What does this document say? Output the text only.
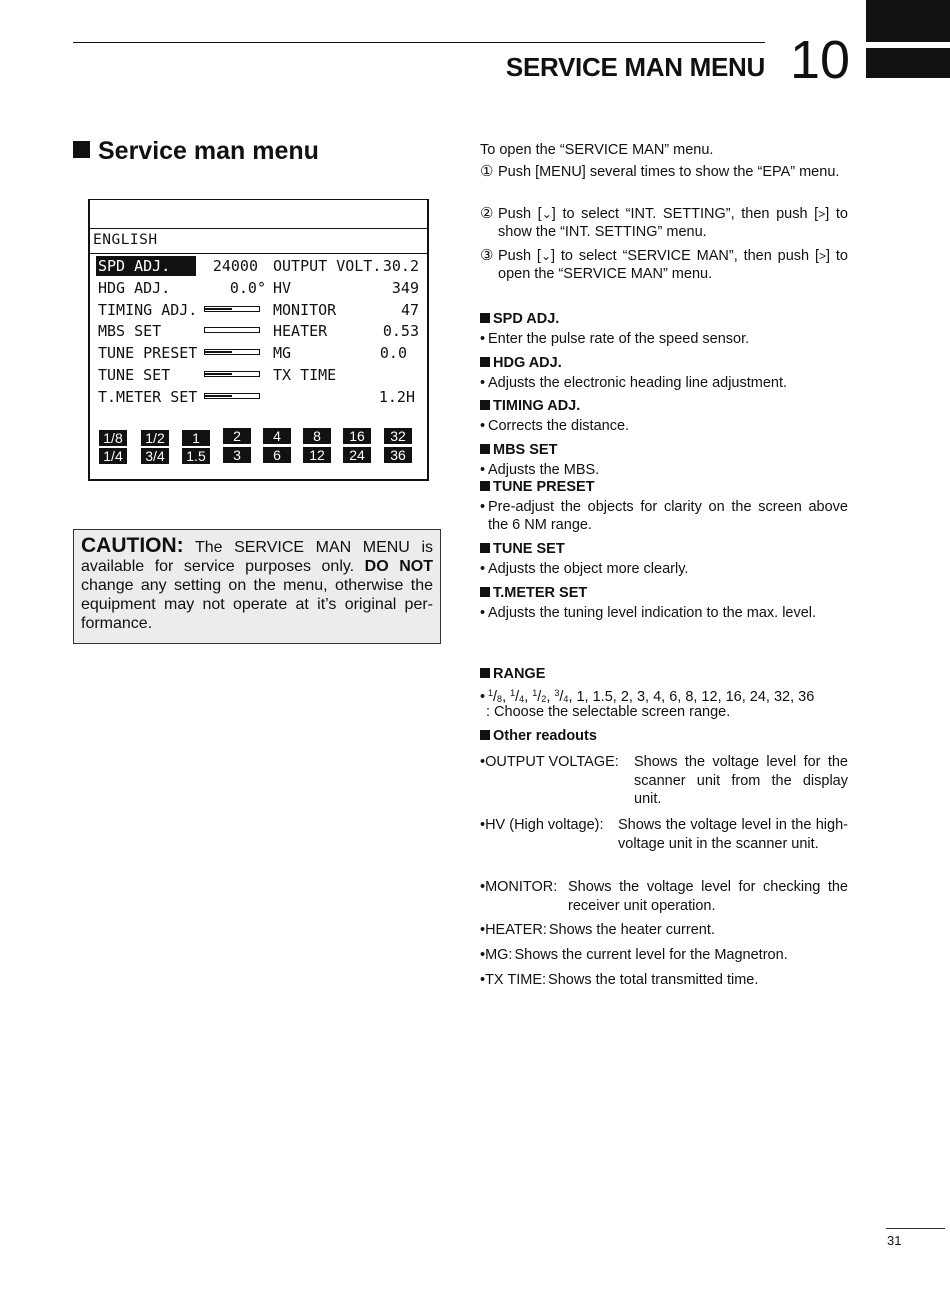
SERVICE MAN MENU 10
Service man menu
ENGLISH
SPD ADJ.	24000 OUTPUT VOLT. 30.2
HDG ADJ.	0.0° HV	349
TIMING ADJ.	MONITOR	47
MBS SET	HEATER	0.53
TUNE PRESET	MG	0.0
TUNE SET	TX TIME
T.METER SET	1.2H
1/8	1/2	1	2	4	8	16	32
1/4	3/4	1.5	3	6	12	24	36
CAUTION: The SERVICE MAN MENU is available for service purposes only. DO NOT change any setting on the menu, otherwise the equipment may not operate at it’s original per-formance.
To open the “SERVICE MAN” menu.
① Push [MENU] several times to show the “EPA” menu.
② Push [⌄] to select “INT. SETTING”, then push [>] to show the “INT. SETTING” menu.
③ Push [⌄] to select “SERVICE MAN”, then push [>] to open the “SERVICE MAN” menu.
SPD ADJ.
• Enter the pulse rate of the speed sensor.
HDG ADJ.
• Adjusts the electronic heading line adjustment.
TIMING ADJ.
• Corrects the distance.
MBS SET
• Adjusts the MBS.
TUNE PRESET
• Pre-adjust the objects for clarity on the screen above the 6 NM range.
TUNE SET
• Adjusts the object more clearly.
T.METER SET
• Adjusts the tuning level indication to the max. level.
RANGE
• $^1/_8$, $^1/_4$, $^1/_2$, $^3/_4$, 1, 1.5, 2, 3, 4, 6, 8, 12, 16, 24, 32, 36
: Choose the selectable screen range.
Other readouts
•OUTPUT VOLTAGE: Shows the voltage level for the scanner unit from the display unit.
•HV (High voltage): Shows the voltage level in the high-voltage unit in the scanner unit.
•MONITOR: Shows the voltage level for checking the receiver unit operation.
•HEATER: Shows the heater current.
•MG: Shows the current level for the Magnetron.
•TX TIME: Shows the total transmitted time.
31
